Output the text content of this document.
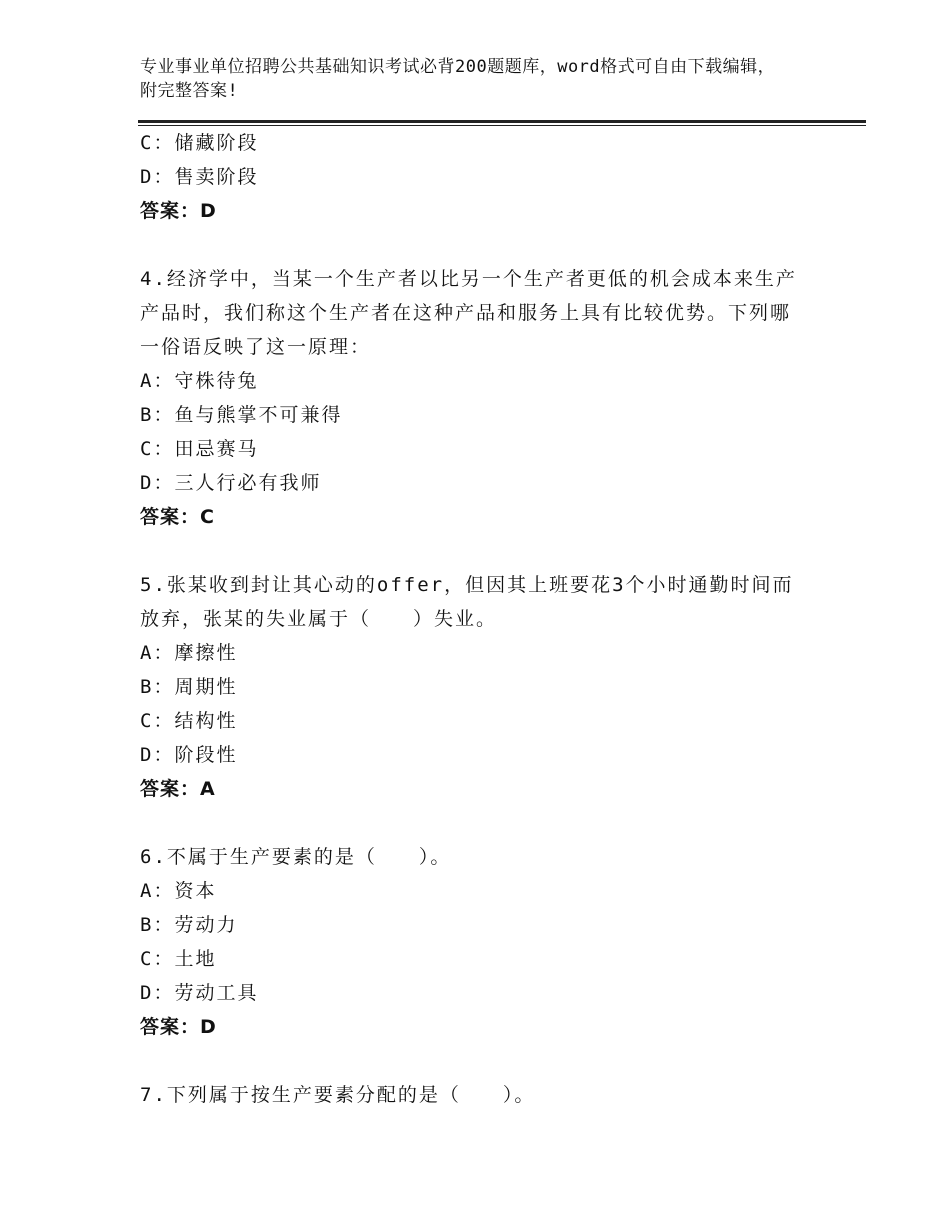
专业事业单位招聘公共基础知识考试必背200题题库，word格式可自由下载编辑，附完整答案!
C：储藏阶段
D：售卖阶段
答案：D
4.经济学中，当某一个生产者以比另一个生产者更低的机会成本来生产产品时，我们称这个生产者在这种产品和服务上具有比较优势。下列哪一俗语反映了这一原理：
A：守株待兔
B：鱼与熊掌不可兼得
C：田忌赛马
D：三人行必有我师
答案：C
5.张某收到封让其心动的offer，但因其上班要花3个小时通勤时间而放弃，张某的失业属于（　　）失业。
A：摩擦性
B：周期性
C：结构性
D：阶段性
答案：A
6.不属于生产要素的是（　　）。
A：资本
B：劳动力
C：土地
D：劳动工具
答案：D
7.下列属于按生产要素分配的是（　　）。
